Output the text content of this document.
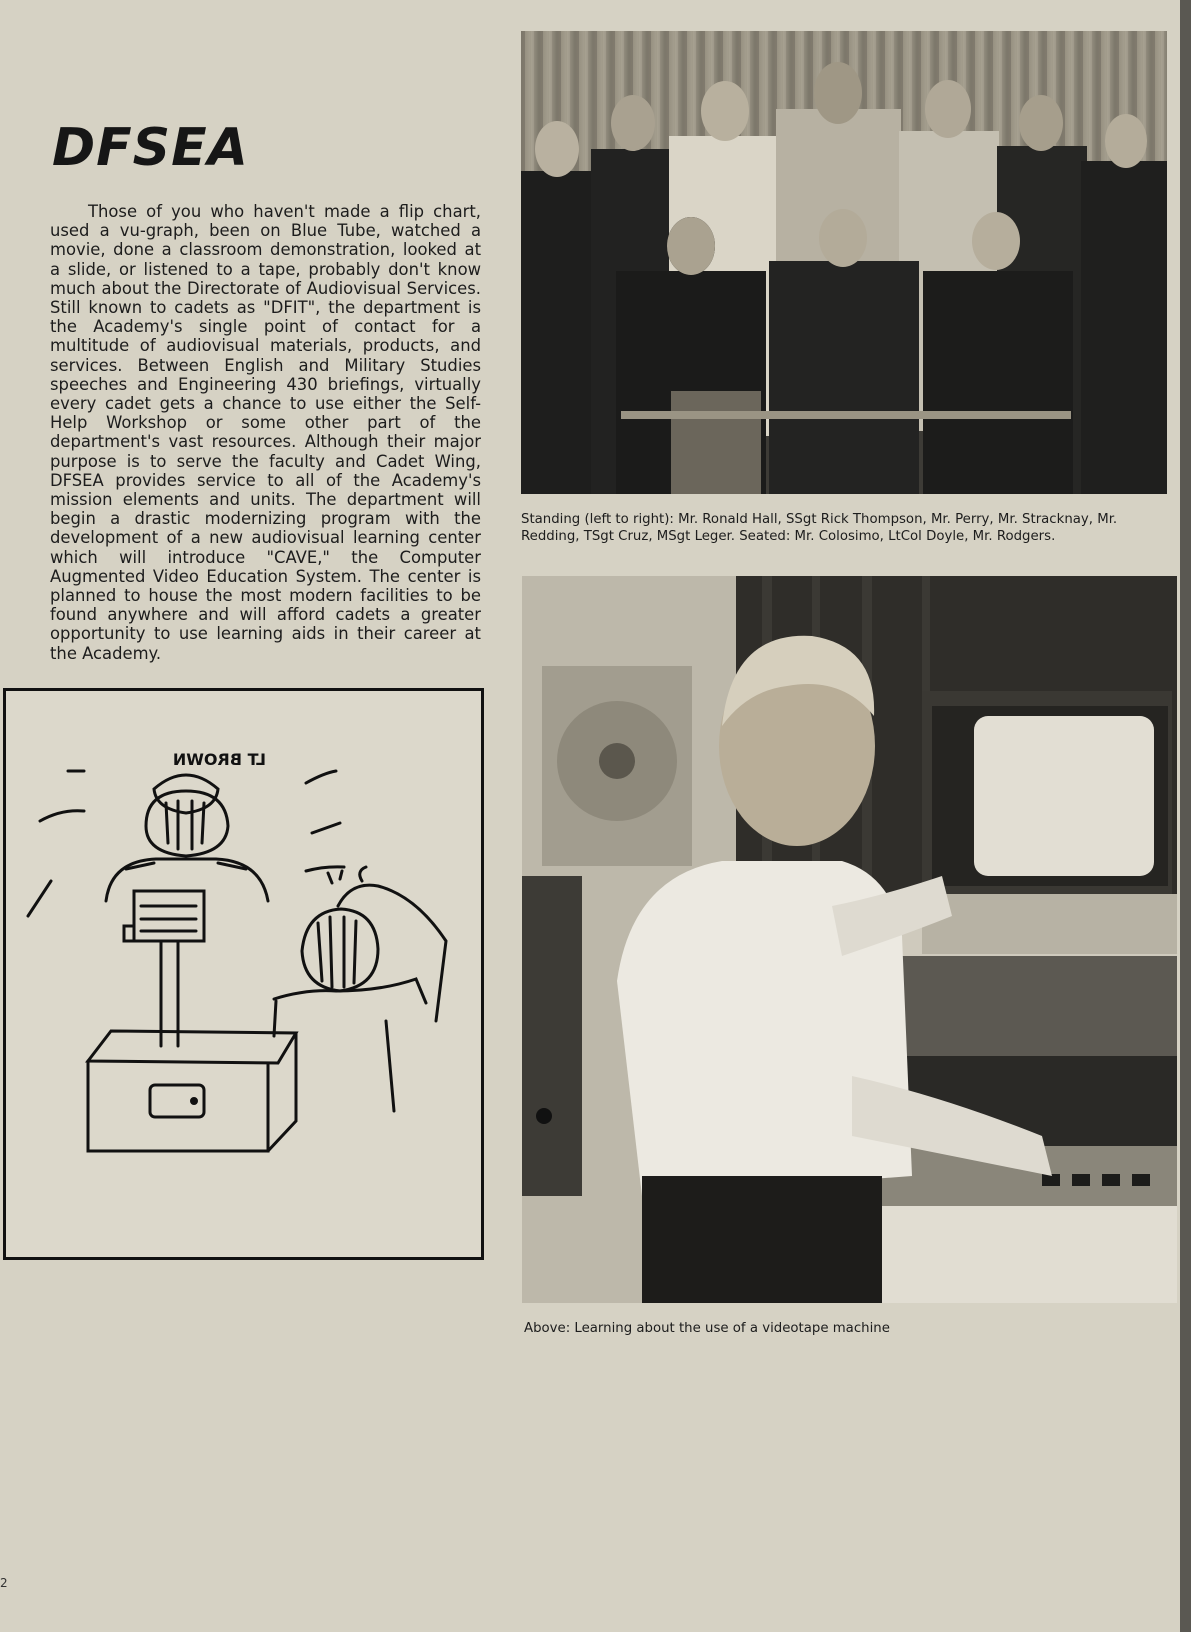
DFSEA
Those of you who haven't made a flip chart, used a vu-graph, been on Blue Tube, watched a movie, done a classroom demonstration, looked at a slide, or listened to a tape, probably don't know much about the Directorate of Audiovisual Services. Still known to cadets as "DFIT", the department is the Academy's single point of contact for a multitude of audiovisual materials, products, and services. Between English and Military Studies speeches and Engineering 430 briefings, virtually every cadet gets a chance to use either the Self-Help Workshop or some other part of the department's vast resources. Although their major purpose is to serve the faculty and Cadet Wing, DFSEA provides service to all of the Academy's mission elements and units. The department will begin a drastic modernizing program with the development of a new audiovisual learning center which will introduce "CAVE," the Computer Augmented Video Education System. The center is planned to house the most modern facilities to be found anywhere and will afford cadets a greater opportunity to use learning aids in their career at the Academy.
Standing (left to right): Mr. Ronald Hall, SSgt Rick Thompson, Mr. Perry, Mr. Stracknay, Mr. Redding, TSgt Cruz, MSgt Leger. Seated: Mr. Colosimo, LtCol Doyle, Mr. Rodgers.
LT BROWN
Above: Learning about the use of a videotape machine
2
